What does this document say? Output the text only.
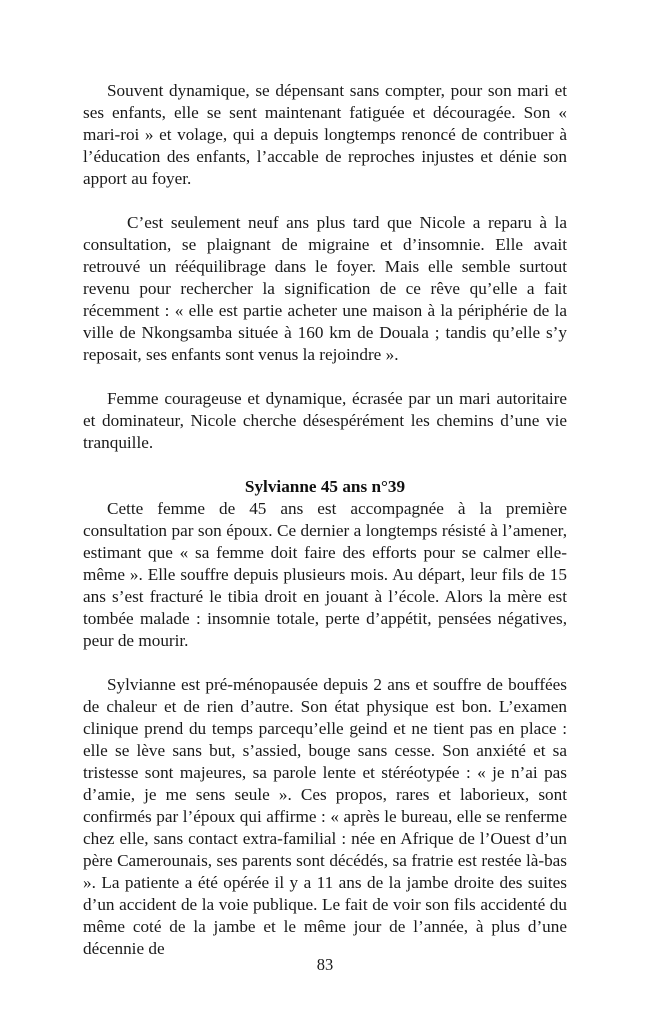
Souvent dynamique, se dépensant sans compter, pour son mari et ses enfants, elle se sent maintenant fatiguée et découragée. Son « mari-roi » et volage, qui a depuis longtemps renoncé de contribuer à l’éducation des enfants, l’accable de reproches injustes et dénie son apport au foyer.

C’est seulement neuf ans plus tard que Nicole a reparu à la consultation, se plaignant de migraine et d’insomnie. Elle avait retrouvé un rééquilibrage dans le foyer. Mais elle semble surtout revenu pour rechercher la signification de ce rêve qu’elle a fait récemment : « elle est partie acheter une maison à la périphérie de la ville de Nkongsamba située à 160 km de Douala ; tandis qu’elle s’y reposait, ses enfants sont venus la rejoindre ».

Femme courageuse et dynamique, écrasée par un mari autoritaire et dominateur, Nicole cherche désespérément les chemins d’une vie tranquille.

Sylvianne 45 ans n°39

Cette femme de 45 ans est accompagnée à la première consultation par son époux. Ce dernier a longtemps résisté à l’amener, estimant que « sa femme doit faire des efforts pour se calmer elle-même ». Elle souffre depuis plusieurs mois. Au départ, leur fils de 15 ans s’est fracturé le tibia droit en jouant à l’école. Alors la mère est tombée malade : insomnie totale, perte d’appétit, pensées négatives, peur de mourir.

Sylvianne est pré-ménopausée depuis 2 ans et souffre de bouffées de chaleur et de rien d’autre. Son état physique est bon. L’examen clinique prend du temps parcequ’elle geind et ne tient pas en place : elle se lève sans but, s’assied, bouge sans cesse. Son anxiété et sa tristesse sont majeures, sa parole lente et stéréotypée : « je n’ai pas d’amie, je me sens seule ». Ces propos, rares et laborieux, sont confirmés par l’époux qui affirme : « après le bureau, elle se renferme chez elle, sans contact extra-familial : née en Afrique de l’Ouest d’un père Camerounais, ses parents sont décédés, sa fratrie est restée là-bas ». La patiente a été opérée il y a 11 ans de la jambe droite des suites d’un accident de la voie publique. Le fait de voir son fils accidenté du même coté de la jambe et le même jour de l’année, à plus d’une décennie de

83
